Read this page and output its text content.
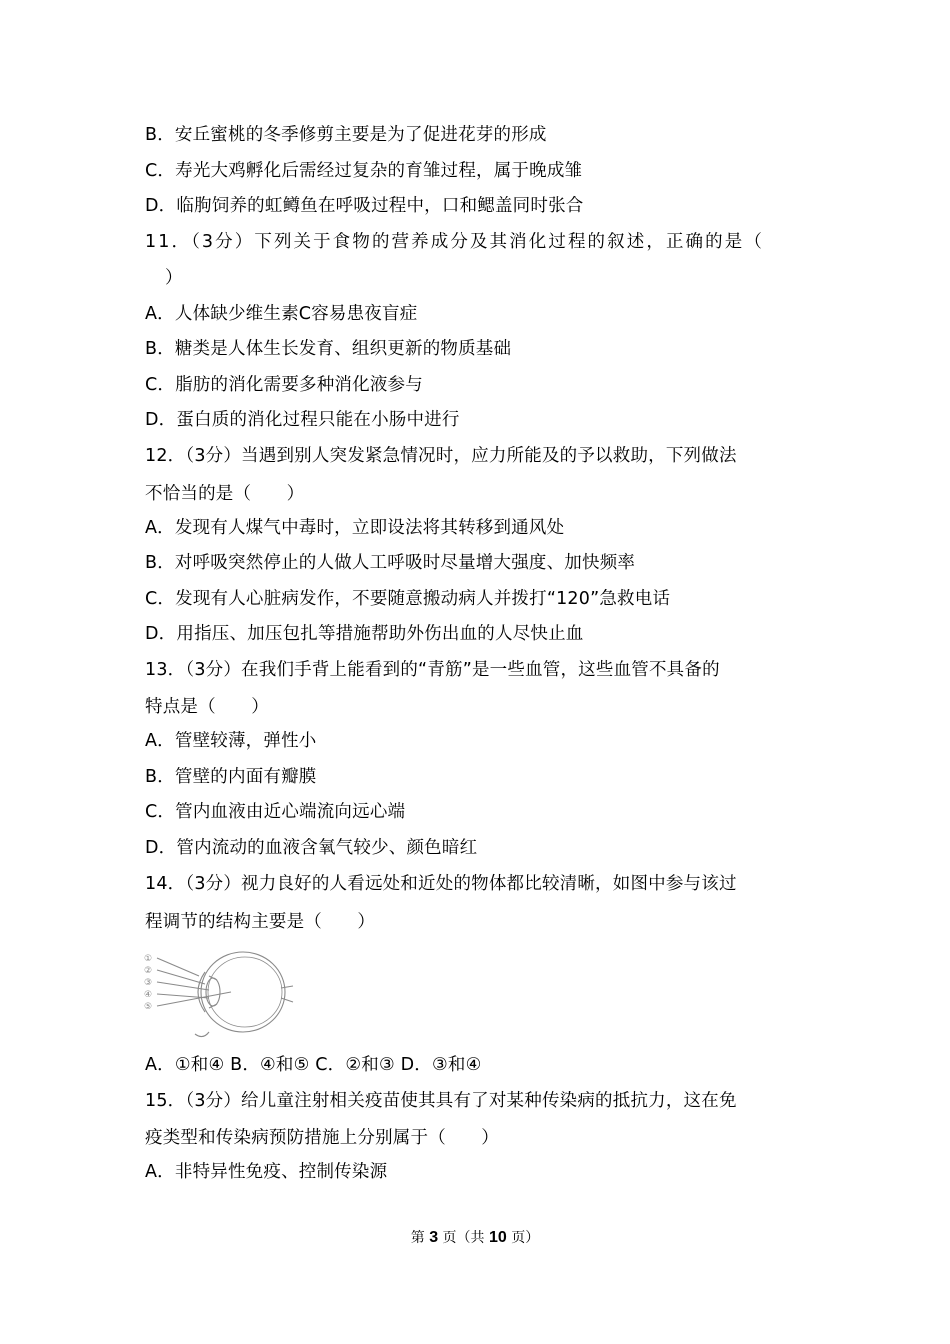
B．安丘蜜桃的冬季修剪主要是为了促进花芽的形成
C．寿光大鸡孵化后需经过复杂的育雏过程，属于晚成雏
D．临朐饲养的虹鳟鱼在呼吸过程中，口和鳃盖同时张合
11．（3分）下列关于食物的营养成分及其消化过程的叙述，正确的是（
）
A．人体缺少维生素C容易患夜盲症
B．糖类是人体生长发育、组织更新的物质基础
C．脂肪的消化需要多种消化液参与
D．蛋白质的消化过程只能在小肠中进行
12．（3分）当遇到别人突发紧急情况时，应力所能及的予以救助，下列做法
不恰当的是（　　）
A．发现有人煤气中毒时，立即设法将其转移到通风处
B．对呼吸突然停止的人做人工呼吸时尽量增大强度、加快频率
C．发现有人心脏病发作，不要随意搬动病人并拨打“120”急救电话
D．用指压、加压包扎等措施帮助外伤出血的人尽快止血
13．（3分）在我们手背上能看到的“青筋”是一些血管，这些血管不具备的
特点是（　　）
A．管壁较薄，弹性小
B．管壁的内面有瓣膜
C．管内血液由近心端流向远心端
D．管内流动的血液含氧气较少、颜色暗红
14．（3分）视力良好的人看远处和近处的物体都比较清晰，如图中参与该过
程调节的结构主要是（　　）
①
②
③
④
⑤
A．①和④ B．④和⑤ C．②和③ D．③和④
15．（3分）给儿童注射相关疫苗使其具有了对某种传染病的抵抗力，这在免
疫类型和传染病预防措施上分别属于（　　）
A．非特异性免疫、控制传染源
第 3 页（共 10 页）
